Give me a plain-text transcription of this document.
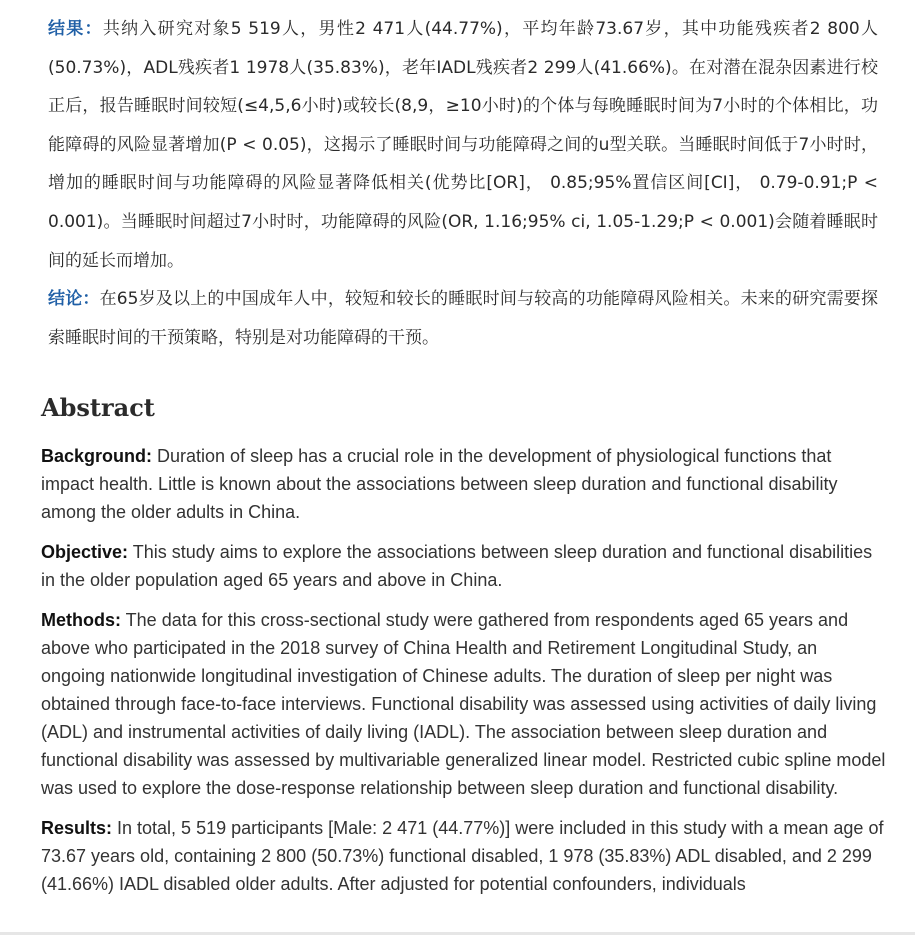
结果：共纳入研究对象5 519人，男性2 471人(44.77%)，平均年龄73.67岁，其中功能残疾者2 800人(50.73%)，ADL残疾者1 1978人(35.83%)，老年IADL残疾者2 299人(41.66%)。在对潜在混杂因素进行校正后，报告睡眠时间较短(≤4,5,6小时)或较长(8,9，≥10小时)的个体与每晚睡眠时间为7小时的个体相比，功能障碍的风险显著增加(P < 0.05)，这揭示了睡眠时间与功能障碍之间的u型关联。当睡眠时间低于7小时时，增加的睡眠时间与功能障碍的风险显著降低相关(优势比[OR]， 0.85;95%置信区间[CI]， 0.79-0.91;P < 0.001)。当睡眠时间超过7小时时，功能障碍的风险(OR, 1.16;95% ci, 1.05-1.29;P < 0.001)会随着睡眠时间的延长而增加。

结论：在65岁及以上的中国成年人中，较短和较长的睡眠时间与较高的功能障碍风险相关。未来的研究需要探索睡眠时间的干预策略，特别是对功能障碍的干预。

Abstract

Background: Duration of sleep has a crucial role in the development of physiological functions that impact health. Little is known about the associations between sleep duration and functional disability among the older adults in China.

Objective: This study aims to explore the associations between sleep duration and functional disabilities in the older population aged 65 years and above in China.

Methods: The data for this cross-sectional study were gathered from respondents aged 65 years and above who participated in the 2018 survey of China Health and Retirement Longitudinal Study, an ongoing nationwide longitudinal investigation of Chinese adults. The duration of sleep per night was obtained through face-to-face interviews. Functional disability was assessed using activities of daily living (ADL) and instrumental activities of daily living (IADL). The association between sleep duration and functional disability was assessed by multivariable generalized linear model. Restricted cubic spline model was used to explore the dose-response relationship between sleep duration and functional disability.

Results: In total, 5 519 participants [Male: 2 471 (44.77%)] were included in this study with a mean age of 73.67 years old, containing 2 800 (50.73%) functional disabled, 1 978 (35.83%) ADL disabled, and 2 299 (41.66%) IADL disabled older adults. After adjusted for potential confounders, individuals
